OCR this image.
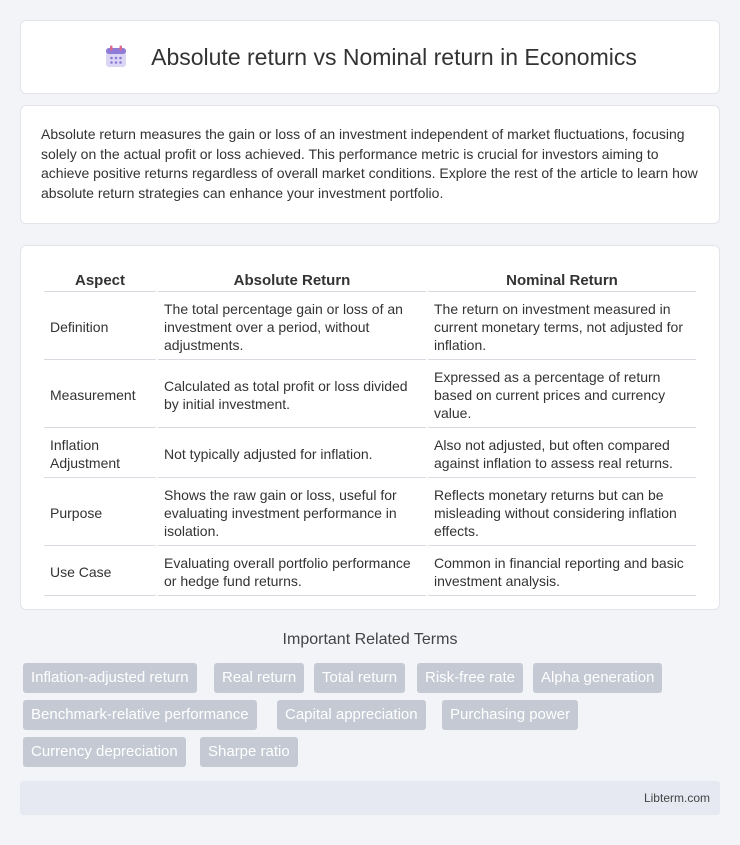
Absolute return vs Nominal return in Economics

Absolute return measures the gain or loss of an investment independent of market fluctuations, focusing solely on the actual profit or loss achieved. This performance metric is crucial for investors aiming to achieve positive returns regardless of overall market conditions. Explore the rest of the article to learn how absolute return strategies can enhance your investment portfolio.

Aspect	Absolute Return	Nominal Return
Definition	The total percentage gain or loss of an investment over a period, without adjustments.	The return on investment measured in current monetary terms, not adjusted for inflation.
Measurement	Calculated as total profit or loss divided by initial investment.	Expressed as a percentage of return based on current prices and currency value.
Inflation Adjustment	Not typically adjusted for inflation.	Also not adjusted, but often compared against inflation to assess real returns.
Purpose	Shows the raw gain or loss, useful for evaluating investment performance in isolation.	Reflects monetary returns but can be misleading without considering inflation effects.
Use Case	Evaluating overall portfolio performance or hedge fund returns.	Common in financial reporting and basic investment analysis.
Important Related Terms
Inflation-adjusted return	Real return	Total return	Risk-free rate	Alpha generation
Benchmark-relative performance	Capital appreciation	Purchasing power
Currency depreciation	Sharpe ratio
Libterm.com
